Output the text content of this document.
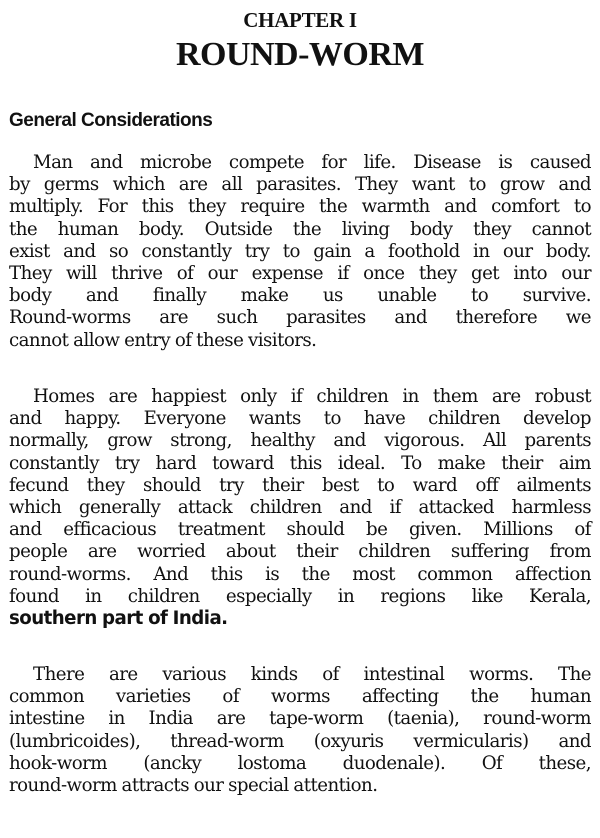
CHAPTER I
ROUND-WORM
General Considerations
Man and microbe compete for life. Disease is caused
by germs which are all parasites. They want to grow and
multiply. For this they require the warmth and comfort to
the human body. Outside the living body they cannot
exist and so constantly try to gain a foothold in our body.
They will thrive of our expense if once they get into our
body and finally make us unable to survive.
Round-worms are such parasites and therefore we
cannot allow entry of these visitors.
Homes are happiest only if children in them are robust
and happy. Everyone wants to have children develop
normally, grow strong, healthy and vigorous. All parents
constantly try hard toward this ideal. To make their aim
fecund they should try their best to ward off ailments
which generally attack children and if attacked harmless
and efficacious treatment should be given. Millions of
people are worried about their children suffering from
round-worms. And this is the most common affection
found in children especially in regions like Kerala,
southern part of India.
There are various kinds of intestinal worms. The
common varieties of worms affecting the human
intestine in India are tape-worm (taenia), round-worm
(lumbricoides), thread-worm (oxyuris vermicularis) and
hook-worm (ancky lostoma duodenale). Of these,
round-worm attracts our special attention.
